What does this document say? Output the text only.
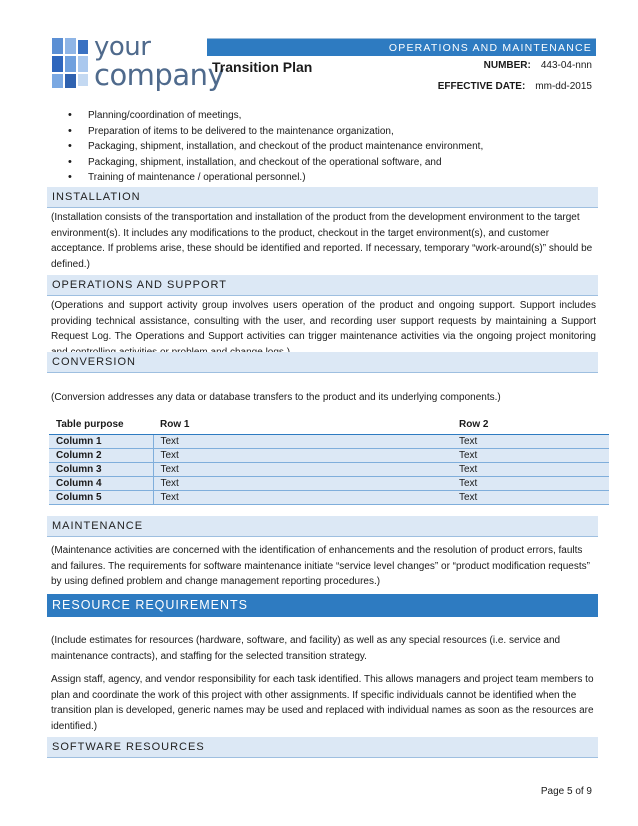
your
company
OPERATIONS AND MAINTENANCE
Transition Plan	NUMBER: 443-04-nnn
EFFECTIVE DATE: mm-dd-2015
• Planning/coordination of meetings,
• Preparation of items to be delivered to the maintenance organization,
• Packaging, shipment, installation, and checkout of the product maintenance environment,
• Packaging, shipment, installation, and checkout of the operational software, and
• Training of maintenance / operational personnel.)
INSTALLATION

(Installation consists of the transportation and installation of the product from the development environment to the target environment(s). It includes any modifications to the product, checkout in the target environment(s), and customer acceptance. If problems arise, these should be identified and reported. If necessary, temporary “work-around(s)” should be defined.)

OPERATIONS AND SUPPORT

(Operations and support activity group involves users operation of the product and ongoing support. Support includes providing technical assistance, consulting with the user, and recording user support requests by maintaining a Support Request Log. The Operations and Support activities can trigger maintenance activities via the ongoing project monitoring

CONVERSION

(Conversion addresses any data or database transfers to the product and its underlying components.)

Table purpose	Row 1	Row 2
Column 1	Text	Text
Column 2	Text	Text
Column 3	Text	Text
Column 4	Text	Text
Column 5	Text	Text
MAINTENANCE

(Maintenance activities are concerned with the identification of enhancements and the resolution of product errors, faults and failures. The requirements for software maintenance initiate “service level changes” or “product modification requests” by using defined problem and change management reporting procedures.)

RESOURCE REQUIREMENTS

(Include estimates for resources (hardware, software, and facility) as well as any special resources (i.e. service and maintenance contracts), and staffing for the selected transition strategy.

Assign staff, agency, and vendor responsibility for each task identified. This allows managers and project team members to plan and coordinate the work of this project with other assignments. If specific individuals cannot be identified when the transition plan is developed, generic names may be used and replaced with individual names as soon as the resources are identified.)

SOFTWARE RESOURCES
Page 5 of 9
